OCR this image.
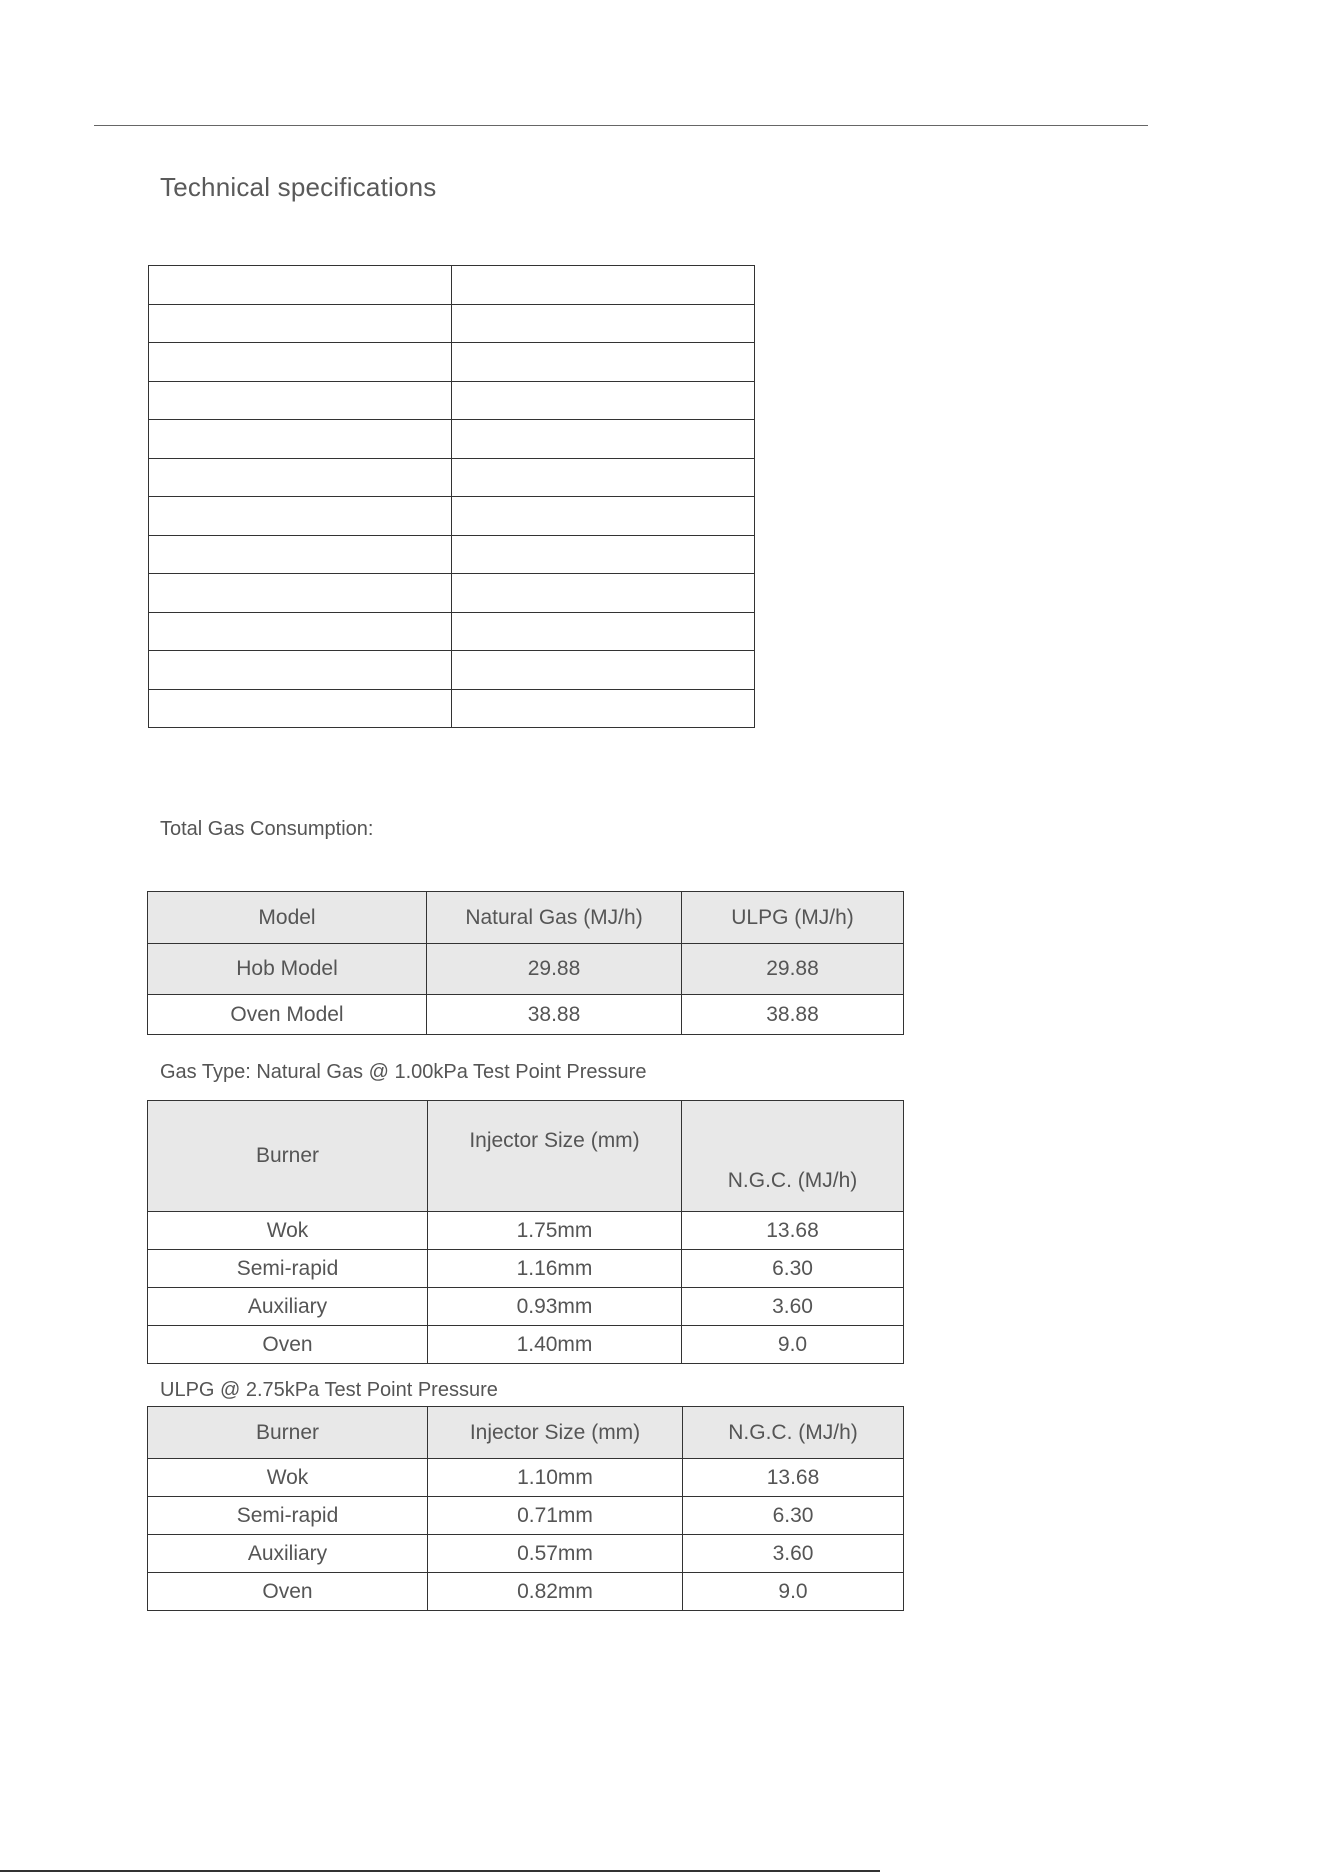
Technical specifications

Total Gas Consumption:

Model	Natural Gas (MJ/h)	ULPG (MJ/h)
Hob Model	29.88	29.88
Oven Model	38.88	38.88

Gas Type: Natural Gas @ 1.00kPa Test Point Pressure

Burner	Injector Size (mm)	N.G.C. (MJ/h)
Wok	1.75mm	13.68
Semi-rapid	1.16mm	6.30
Auxiliary	0.93mm	3.60
Oven	1.40mm	9.0

ULPG @ 2.75kPa Test Point Pressure

Burner	Injector Size (mm)	N.G.C. (MJ/h)
Wok	1.10mm	13.68
Semi-rapid	0.71mm	6.30
Auxiliary	0.57mm	3.60
Oven	0.82mm	9.0
